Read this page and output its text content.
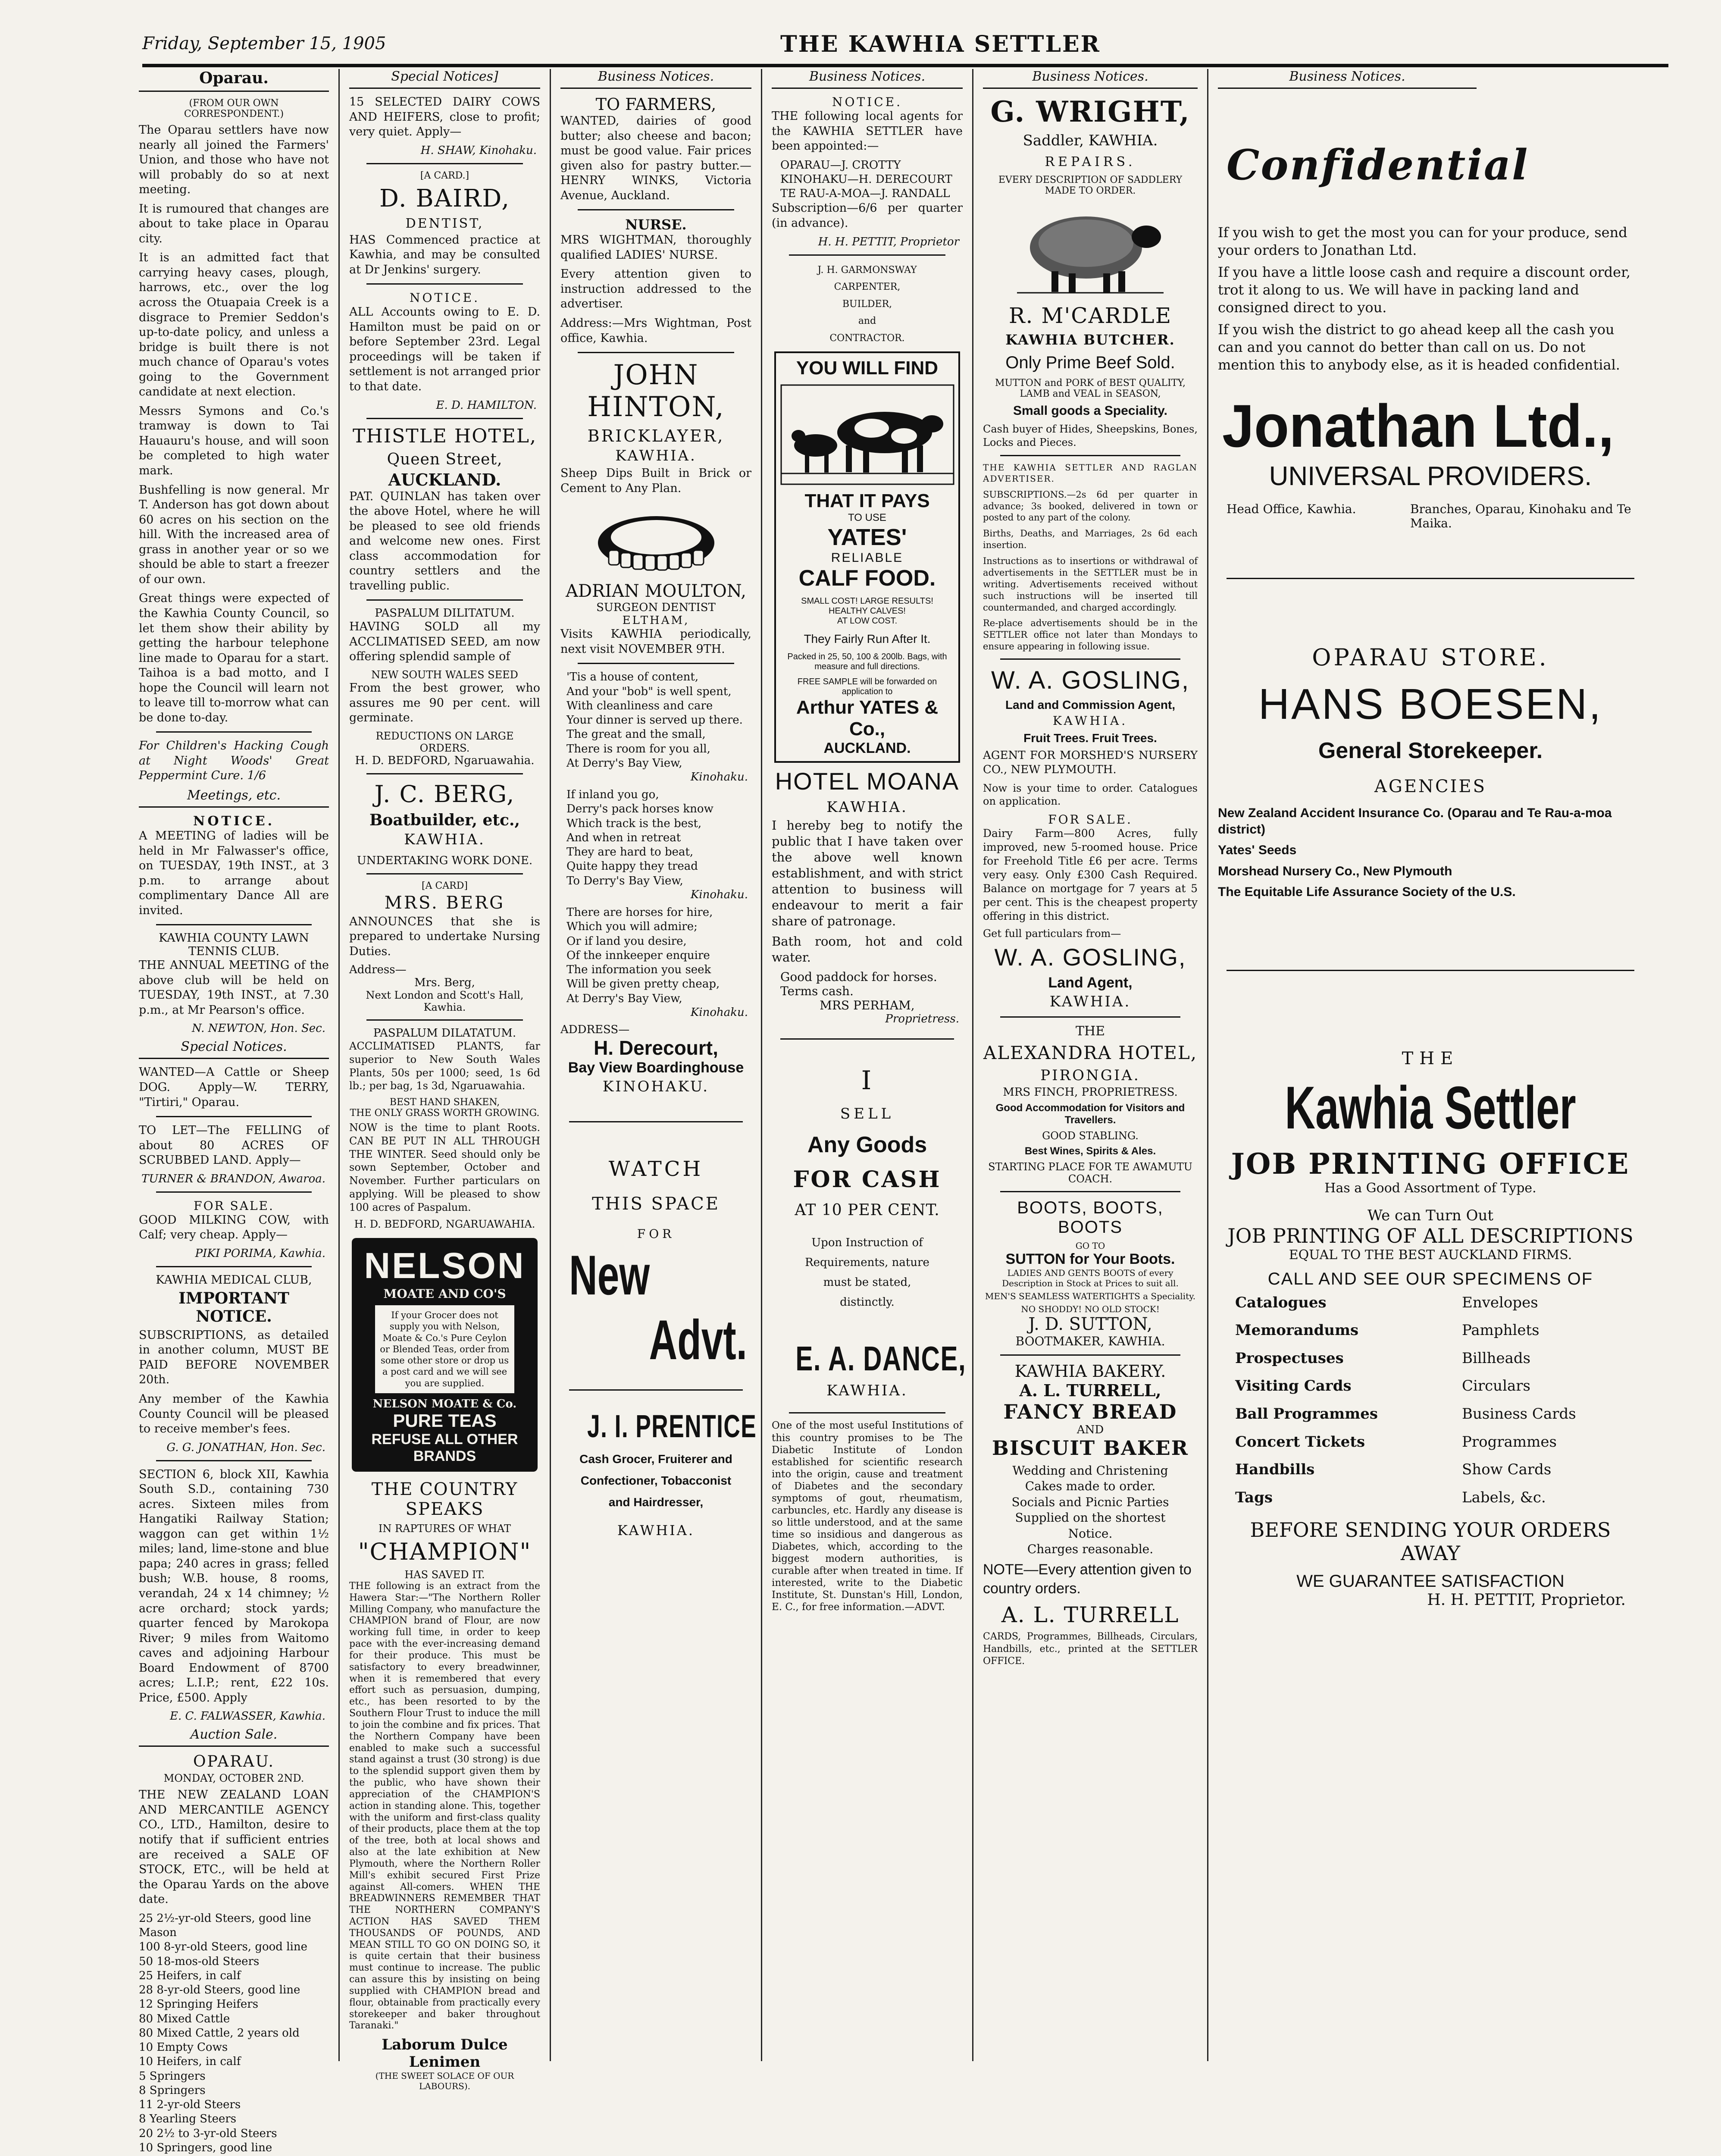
Friday, September 15, 1905	THE KAWHIA SETTLER
Oparau.
(FROM OUR OWN CORRESPONDENT.)

The Oparau settlers have now nearly all joined the Farmers' Union, and those who have not will probably do so at next meeting.

It is rumoured that changes are about to take place in Oparau city.

It is an admitted fact that carrying heavy cases, plough, harrows, etc., over the log across the Otuapaia Creek is a disgrace to Premier Seddon's up-to-date policy, and unless a bridge is built there is not much chance of Oparau's votes going to the Government candidate at next election.

Messrs Symons and Co.'s tramway is down to Tai Hauauru's house, and will soon be completed to high water mark.

Bushfelling is now general. Mr T. Anderson has got down about 60 acres on his section on the hill. With the increased area of grass in another year or so we should be able to start a freezer of our own.

Great things were expected of the Kawhia County Council, so let them show their ability by getting the harbour telephone line made to Oparau for a start. Taihoa is a bad motto, and I hope the Council will learn not to leave till to-morrow what can be done to-day.

For Children's Hacking Cough at Night Woods' Great Peppermint Cure. 1/6

Meetings, etc.
NOTICE.

A MEETING of ladies will be held in Mr Falwasser's office, on TUESDAY, 19th INST., at 3 p.m. to arrange about complimentary Dance All are invited.

KAWHIA COUNTY LAWN TENNIS CLUB.

THE ANNUAL MEETING of the above club will be held on TUESDAY, 19th INST., at 7.30 p.m., at Mr Pearson's office.

N. NEWTON, Hon. Sec.
Special Notices.

WANTED—A Cattle or Sheep DOG. Apply—W. TERRY, "Tirtiri," Oparau.

TO LET—The FELLING of about 80 ACRES OF SCRUBBED LAND. Apply—

TURNER & BRANDON, Awaroa.
FOR SALE.

GOOD MILKING COW, with Calf; very cheap. Apply—

PIKI PORIMA, Kawhia.
KAWHIA MEDICAL CLUB,
IMPORTANT NOTICE.

SUBSCRIPTIONS, as detailed in another column, MUST BE PAID BEFORE NOVEMBER 20th.

Any member of the Kawhia County Council will be pleased to receive member's fees.

G. G. JONATHAN, Hon. Sec.

SECTION 6, block XII, Kawhia South S.D., containing 730 acres. Sixteen miles from Hangatiki Railway Station; waggon can get within 1½ miles; land, lime-stone and blue papa; 240 acres in grass; felled bush; W.B. house, 8 rooms, verandah, 24 x 14 chimney; ½ acre orchard; stock yards; quarter fenced by Marokopa River; 9 miles from Waitomo caves and adjoining Harbour Board Endowment of 8700 acres; L.I.P.; rent, £22 10s. Price, £500. Apply

E. C. FALWASSER, Kawhia.
Auction Sale.
OPARAU.
MONDAY, OCTOBER 2ND.

THE NEW ZEALAND LOAN AND MERCANTILE AGENCY CO., LTD., Hamilton, desire to notify that if sufficient entries are received a SALE OF STOCK, ETC., will be held at the Oparau Yards on the above date.

25 2½-yr-old Steers, good line
Mason
100 8-yr-old Steers, good line
50 18-mos-old Steers
25 Heifers, in calf
28 8-yr-old Steers, good line
12 Springing Heifers
80 Mixed Cattle
80 Mixed Cattle, 2 years old
10 Empty Cows
10 Heifers, in calf
5 Springers
8 Springers
11 2-yr-old Steers
8 Yearling Steers
20 2½ to 3-yr-old Steers
10 Springers, good line

Special Notices]

15 SELECTED DAIRY COWS AND HEIFERS, close to profit; very quiet. Apply—

H. SHAW, Kinohaku.
[A CARD.]
D. BAIRD,
DENTIST,

HAS Commenced practice at Kawhia, and may be consulted at Dr Jenkins' surgery.

NOTICE.

ALL Accounts owing to E. D. Hamilton must be paid on or before September 23rd. Legal proceedings will be taken if settlement is not arranged prior to that date.

E. D. HAMILTON.
THISTLE HOTEL,
Queen Street,
AUCKLAND.

PAT. QUINLAN has taken over the above Hotel, where he will be pleased to see old friends and welcome new ones. First class accommodation for country settlers and the travelling public.

PASPALUM DILITATUM.

HAVING SOLD all my ACCLIMATISED SEED, am now offering splendid sample of

NEW SOUTH WALES SEED

From the best grower, who assures me 90 per cent. will germinate.

REDUCTIONS ON LARGE ORDERS.
H. D. BEDFORD, Ngaruawahia.
J. C. BERG,
Boatbuilder, etc.,
KAWHIA.
UNDERTAKING WORK DONE.
[A CARD]
MRS. BERG

ANNOUNCES that she is prepared to undertake Nursing Duties.

Address—
Mrs. Berg,
Next London and Scott's Hall, Kawhia.
PASPALUM DILATATUM.

ACCLIMATISED PLANTS, far superior to New South Wales Plants, 50s per 1000; seed, 1s 6d lb.; per bag, 1s 3d, Ngaruawahia.

BEST HAND SHAKEN,
THE ONLY GRASS WORTH GROWING.

NOW is the time to plant Roots. CAN BE PUT IN ALL THROUGH THE WINTER. Seed should only be sown September, October and November. Further particulars on applying. Will be pleased to show 100 acres of Paspalum.

H. D. BEDFORD, NGARUAWAHIA.
NELSON
MOATE AND CO'S
If your Grocer does not supply you with Nelson, Moate & Co.'s Pure Ceylon or Blended Teas, order from some other store or drop us a post card and we will see you are supplied.
NELSON MOATE & Co.
PURE TEAS
REFUSE ALL OTHER BRANDS
THE COUNTRY SPEAKS
IN RAPTURES OF WHAT
"CHAMPION"
HAS SAVED IT.

THE following is an extract from the Hawera Star:—"The Northern Roller Milling Company, who manufacture the CHAMPION brand of Flour, are now working full time, in order to keep pace with the ever-increasing demand for their produce. This must be satisfactory to every breadwinner, when it is remembered that every effort such as persuasion, dumping, etc., has been resorted to by the Southern Flour Trust to induce the mill to join the combine and fix prices. That the Northern Company have been enabled to make such a successful stand against a trust (30 strong) is due to the splendid support given them by the public, who have shown their appreciation of the CHAMPION'S action in standing alone. This, together with the uniform and first-class quality of their products, place them at the top of the tree, both at local shows and also at the late exhibition at New Plymouth, where the Northern Roller Mill's exhibit secured First Prize against All-comers. WHEN THE BREADWINNERS REMEMBER THAT THE NORTHERN COMPANY'S ACTION HAS SAVED THEM THOUSANDS OF POUNDS, AND MEAN STILL TO GO ON DOING SO, it is quite certain that their business must continue to increase. The public can assure this by insisting on being supplied with CHAMPION bread and flour, obtainable from practically every storekeeper and baker throughout Taranaki."

Laborum Dulce Lenimen
(THE SWEET SOLACE OF OUR LABOURS).
Business Notices.
TO FARMERS,

WANTED, dairies of good butter; also cheese and bacon; must be good value. Fair prices given also for pastry butter.—HENRY WINKS, Victoria Avenue, Auckland.

NURSE.

MRS WIGHTMAN, thoroughly qualified LADIES' NURSE.

Every attention given to instruction addressed to the advertiser.

Address:—Mrs Wightman, Post office, Kawhia.

JOHN HINTON,
BRICKLAYER,
KAWHIA.

Sheep Dips Built in Brick or Cement to Any Plan.

ADRIAN MOULTON,
SURGEON DENTIST
ELTHAM,

Visits KAWHIA periodically, next visit NOVEMBER 9TH.

'Tis a house of content,
And your "bob" is well spent,
With cleanliness and care
Your dinner is served up there.
The great and the small,
There is room for you all,
At Derry's Bay View,
Kinohaku.
If inland you go,
Derry's pack horses know
Which track is the best,
And when in retreat
They are hard to beat,
Quite happy they tread
To Derry's Bay View,
Kinohaku.
There are horses for hire,
Which you will admire;
Or if land you desire,
Of the innkeeper enquire
The information you seek
Will be given pretty cheap,
At Derry's Bay View,
Kinohaku.
ADDRESS—
H. Derecourt,
Bay View Boardinghouse
KINOHAKU.
WATCH
THIS SPACE
FOR
New
Advt.
J. I. PRENTICE
Cash Grocer, Fruiterer and
Confectioner, Tobacconist
and Hairdresser,
KAWHIA.
Business Notices.
NOTICE.

THE following local agents for the KAWHIA SETTLER have been appointed:—

OPARAU—J. CROTTY
KINOHAKU—H. DERECOURT
TE RAU-A-MOA—J. RANDALL

Subscription—6/6 per quarter (in advance).

H. H. PETTIT, Proprietor
J. H. GARMONSWAY
CARPENTER,
BUILDER,
and
CONTRACTOR.
YOU WILL FIND
THAT IT PAYS
TO USE
YATES'
RELIABLE
CALF FOOD.
SMALL COST! LARGE RESULTS!
HEALTHY CALVES!
AT LOW COST.
They Fairly Run After It.
Packed in 25, 50, 100 & 200lb. Bags, with measure and full directions.
FREE SAMPLE will be forwarded on application to
Arthur YATES & Co.,
AUCKLAND.
HOTEL MOANA
KAWHIA.

I hereby beg to notify the public that I have taken over the above well known establishment, and with strict attention to business will endeavour to merit a fair share of patronage.

Bath room, hot and cold water.

Good paddock for horses.
Terms cash.
MRS PERHAM,
Proprietress.
I
SELL
Any Goods
FOR CASH
AT 10 PER CENT.
Upon Instruction of
Requirements, nature
must be stated,
distinctly.
E. A. DANCE,
KAWHIA.

One of the most useful Institutions of this country promises to be The Diabetic Institute of London established for scientific research into the origin, cause and treatment of Diabetes and the secondary symptoms of gout, rheumatism, carbuncles, etc. Hardly any disease is so little understood, and at the same time so insidious and dangerous as Diabetes, which, according to the biggest modern authorities, is curable after when treated in time. If interested, write to the Diabetic Institute, St. Dunstan's Hill, London, E. C., for free information.—ADVT.

Business Notices.
G. WRIGHT,
Saddler, KAWHIA.
REPAIRS.
EVERY DESCRIPTION OF SADDLERY MADE TO ORDER.
R. M'CARDLE
KAWHIA BUTCHER.
Only Prime Beef Sold.
MUTTON and PORK of BEST QUALITY,
LAMB and VEAL in SEASON,
Small goods a Speciality.

Cash buyer of Hides, Sheepskins, Bones, Locks and Pieces.

THE KAWHIA SETTLER AND RAGLAN ADVERTISER.

SUBSCRIPTIONS.—2s 6d per quarter in advance; 3s booked, delivered in town or posted to any part of the colony.

Births, Deaths, and Marriages, 2s 6d each insertion.

Instructions as to insertions or withdrawal of advertisements in the SETTLER must be in writing. Advertisements received without such instructions will be inserted till countermanded, and charged accordingly.

Re-place advertisements should be in the SETTLER office not later than Mondays to ensure appearing in following issue.

W. A. GOSLING,
Land and Commission Agent,
KAWHIA.
Fruit Trees. Fruit Trees.

AGENT FOR MORSHED'S NURSERY CO., NEW PLYMOUTH.

Now is your time to order. Catalogues on application.

FOR SALE.

Dairy Farm—800 Acres, fully improved, new 5-roomed house. Price for Freehold Title £6 per acre. Terms very easy. Only £300 Cash Required. Balance on mortgage for 7 years at 5 per cent. This is the cheapest property offering in this district.

Get full particulars from—
W. A. GOSLING,
Land Agent,
KAWHIA.
THE
ALEXANDRA HOTEL,
PIRONGIA.
MRS FINCH, PROPRIETRESS.
Good Accommodation for Visitors and Travellers.
GOOD STABLING.
Best Wines, Spirits & Ales.
STARTING PLACE FOR TE AWAMUTU COACH.
BOOTS, BOOTS, BOOTS
GO TO
SUTTON for Your Boots.
LADIES AND GENTS BOOTS of every Description in Stock at Prices to suit all.
MEN'S SEAMLESS WATERTIGHTS a Speciality.
NO SHODDY! NO OLD STOCK!
J. D. SUTTON,
BOOTMAKER, KAWHIA.
KAWHIA BAKERY.
A. L. TURRELL,
FANCY BREAD
AND
BISCUIT BAKER
Wedding and Christening
Cakes made to order.
Socials and Picnic Parties
Supplied on the shortest
Notice.
Charges reasonable.

NOTE—Every attention given to country orders.

A. L. TURRELL

CARDS, Programmes, Billheads, Circulars, Handbills, etc., printed at the SETTLER OFFICE.

Business Notices.
Confidential

If you wish to get the most you can for your produce, send your orders to Jonathan Ltd.

If you have a little loose cash and require a discount order, trot it along to us. We will have in packing land and consigned direct to you.

If you wish the district to go ahead keep all the cash you can and you cannot do better than call on us. Do not mention this to anybody else, as it is headed confidential.

Jonathan Ltd.,
UNIVERSAL PROVIDERS.
Head Office, Kawhia.	Branches, Oparau, Kinohaku and Te Maika.
OPARAU STORE.
HANS BOESEN,
General Storekeeper.
AGENCIES

New Zealand Accident Insurance Co. (Oparau and Te Rau-a-moa district)

Yates' Seeds

Morshead Nursery Co., New Plymouth

The Equitable Life Assurance Society of the U.S.

THE
Kawhia Settler
JOB PRINTING OFFICE
Has a Good Assortment of Type.
We can Turn Out
JOB PRINTING OF ALL DESCRIPTIONS
EQUAL TO THE BEST AUCKLAND FIRMS.
CALL AND SEE OUR SPECIMENS OF
Catalogues
Memorandums
Prospectuses
Visiting Cards
Ball Programmes
Concert Tickets
Handbills
Tags
Envelopes
Pamphlets
Billheads
Circulars
Business Cards
Programmes
Show Cards
Labels, &c.
BEFORE SENDING YOUR ORDERS AWAY
WE GUARANTEE SATISFACTION
H. H. PETTIT, Proprietor.
